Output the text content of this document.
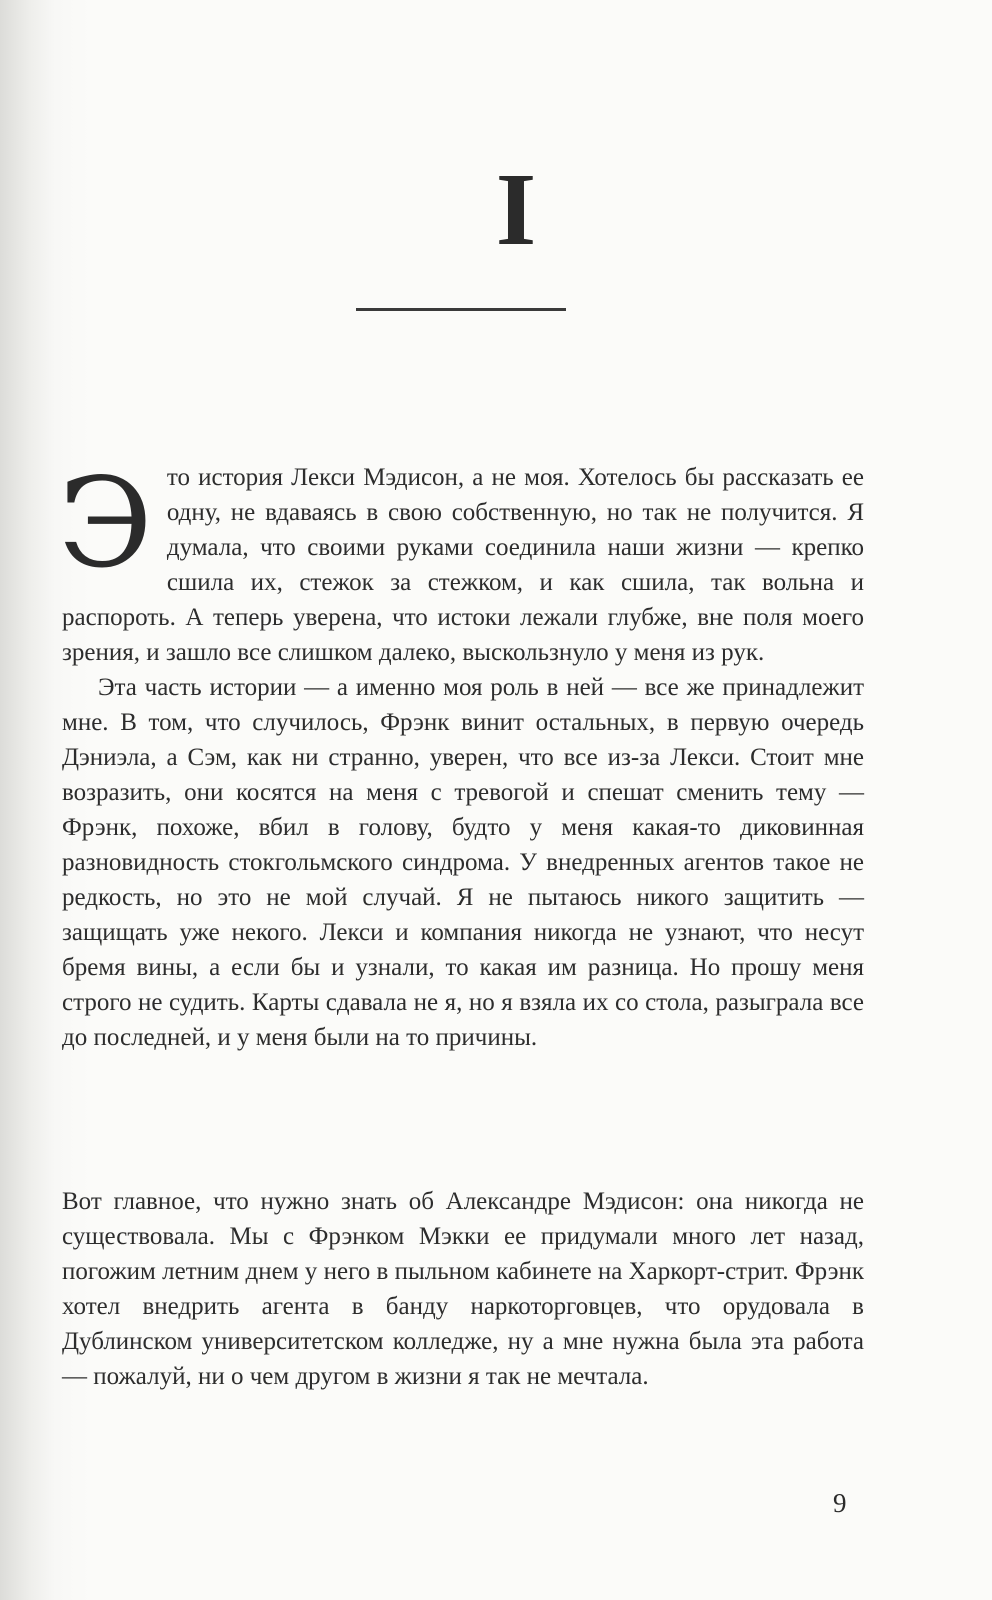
I

Это история Лекси Мэдисон, а не моя. Хотелось бы рассказать ее одну, не вдаваясь в свою собственную, но так не получится. Я думала, что своими руками соединила наши жизни — крепко сшила их, стежок за стежком, и как сшила, так вольна и распороть. А теперь уверена, что истоки лежали глубже, вне поля моего зрения, и зашло все слишком далеко, выскользнуло у меня из рук.

Эта часть истории — а именно моя роль в ней — все же принадлежит мне. В том, что случилось, Фрэнк винит остальных, в первую очередь Дэниэла, а Сэм, как ни странно, уверен, что все из-за Лекси. Стоит мне возразить, они косятся на меня с тревогой и спешат сменить тему — Фрэнк, похоже, вбил в голову, будто у меня какая-то диковинная разновидность стокгольмского синдрома. У внедренных агентов такое не редкость, но это не мой случай. Я не пытаюсь никого защитить — защищать уже некого. Лекси и компания никогда не узнают, что несут бремя вины, а если бы и узнали, то какая им разница. Но прошу меня строго не судить. Карты сдавала не я, но я взяла их со стола, разыграла все до последней, и у меня были на то причины.

Вот главное, что нужно знать об Александре Мэдисон: она никогда не существовала. Мы с Фрэнком Мэкки ее придумали много лет назад, погожим летним днем у него в пыльном кабинете на Харкорт-стрит. Фрэнк хотел внедрить агента в банду наркоторговцев, что орудовала в Дублинском университетском колледже, ну а мне нужна была эта работа — пожалуй, ни о чем другом в жизни я так не мечтала.

9
